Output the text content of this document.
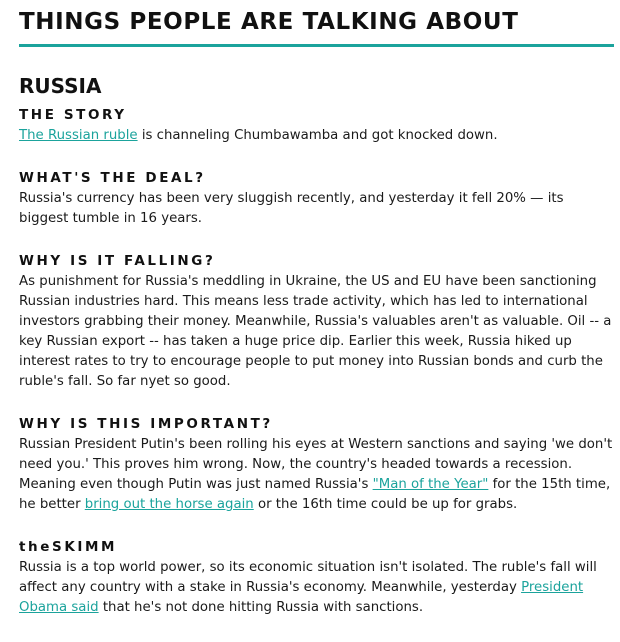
THINGS PEOPLE ARE TALKING ABOUT
RUSSIA
THE STORY

The Russian ruble is channeling Chumbawamba and got knocked down.

WHAT'S THE DEAL?

Russia's currency has been very sluggish recently, and yesterday it fell 20% — its biggest tumble in 16 years.

WHY IS IT FALLING?

As punishment for Russia's meddling in Ukraine, the US and EU have been sanctioning Russian industries hard. This means less trade activity, which has led to international investors grabbing their money. Meanwhile, Russia's valuables aren't as valuable. Oil -- a key Russian export -- has taken a huge price dip. Earlier this week, Russia hiked up interest rates to try to encourage people to put money into Russian bonds and curb the ruble's fall. So far nyet so good.

WHY IS THIS IMPORTANT?

Russian President Putin's been rolling his eyes at Western sanctions and saying 'we don't need you.' This proves him wrong. Now, the country's headed towards a recession. Meaning even though Putin was just named Russia's "Man of the Year" for the 15th time, he better bring out the horse again or the 16th time could be up for grabs.

theSKIMM

Russia is a top world power, so its economic situation isn't isolated. The ruble's fall will affect any country with a stake in Russia's economy. Meanwhile, yesterday President Obama said that he's not done hitting Russia with sanctions.
